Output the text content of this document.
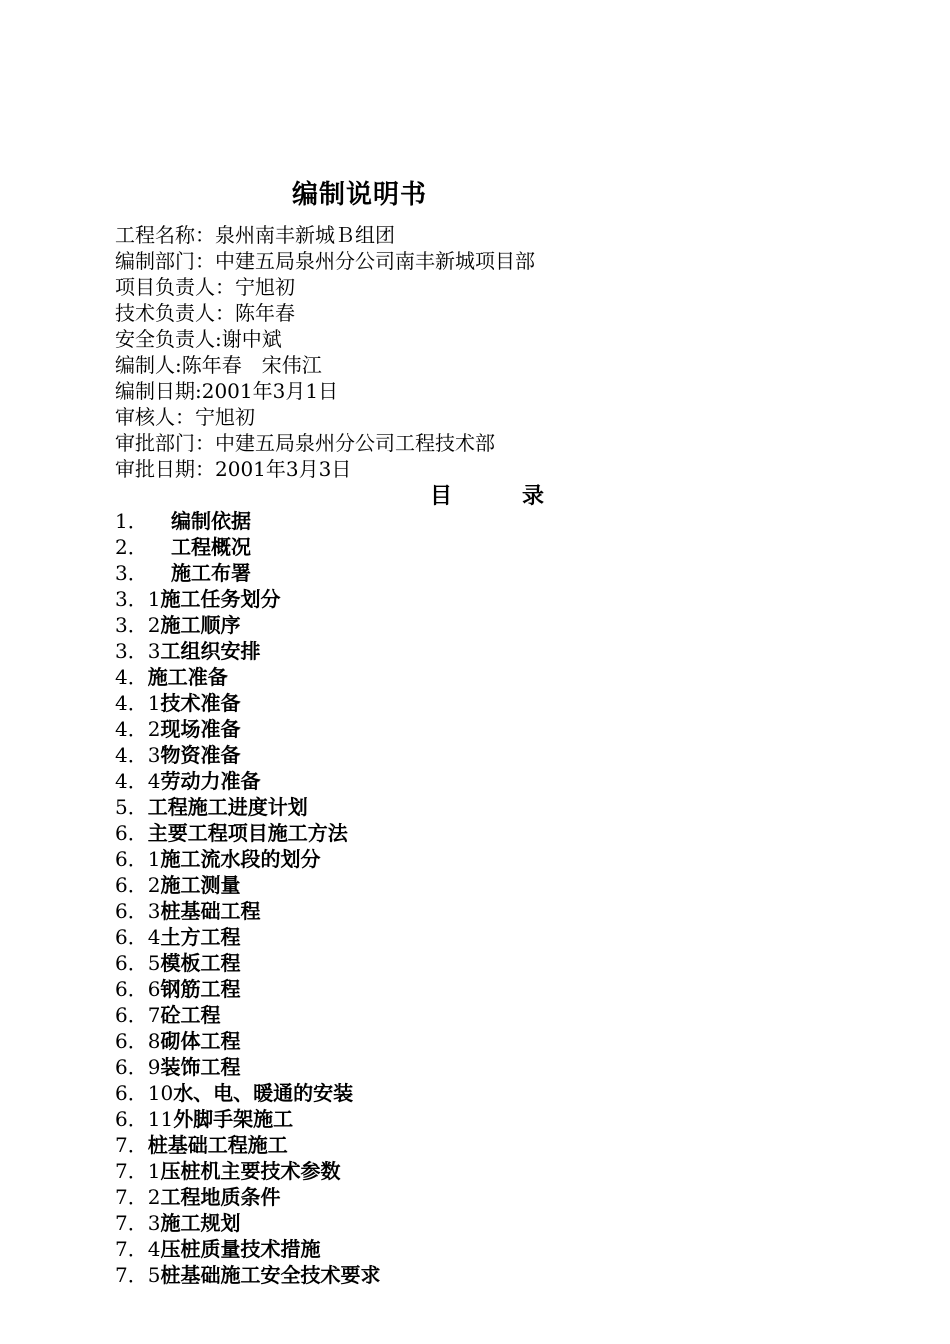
编制说明书
工程名称：泉州南丰新城Ｂ组团
编制部门：中建五局泉州分公司南丰新城项目部
项目负责人：宁旭初
技术负责人：陈年春
安全负责人:谢中斌
编制人:陈年春　宋伟江
编制日期:2001年3月1日
审核人：宁旭初
审批部门：中建五局泉州分公司工程技术部
审批日期：2001年3月3日
目	录
1． 编制依据
2． 工程概况
3． 施工布署
3．1施工任务划分
3．2施工顺序
3．3工组织安排
4．施工准备
4．1技术准备
4．2现场准备
4．3物资准备
4．4劳动力准备
5．工程施工进度计划
6．主要工程项目施工方法
6．1施工流水段的划分
6．2施工测量
6．3桩基础工程
6．4土方工程
6．5模板工程
6．6钢筋工程
6．7砼工程
6．8砌体工程
6．9装饰工程
6．10水、电、暖通的安装
6．11外脚手架施工
7．桩基础工程施工
7．1压桩机主要技术参数
7．2工程地质条件
7．3施工规划
7．4压桩质量技术措施
7．5桩基础施工安全技术要求
